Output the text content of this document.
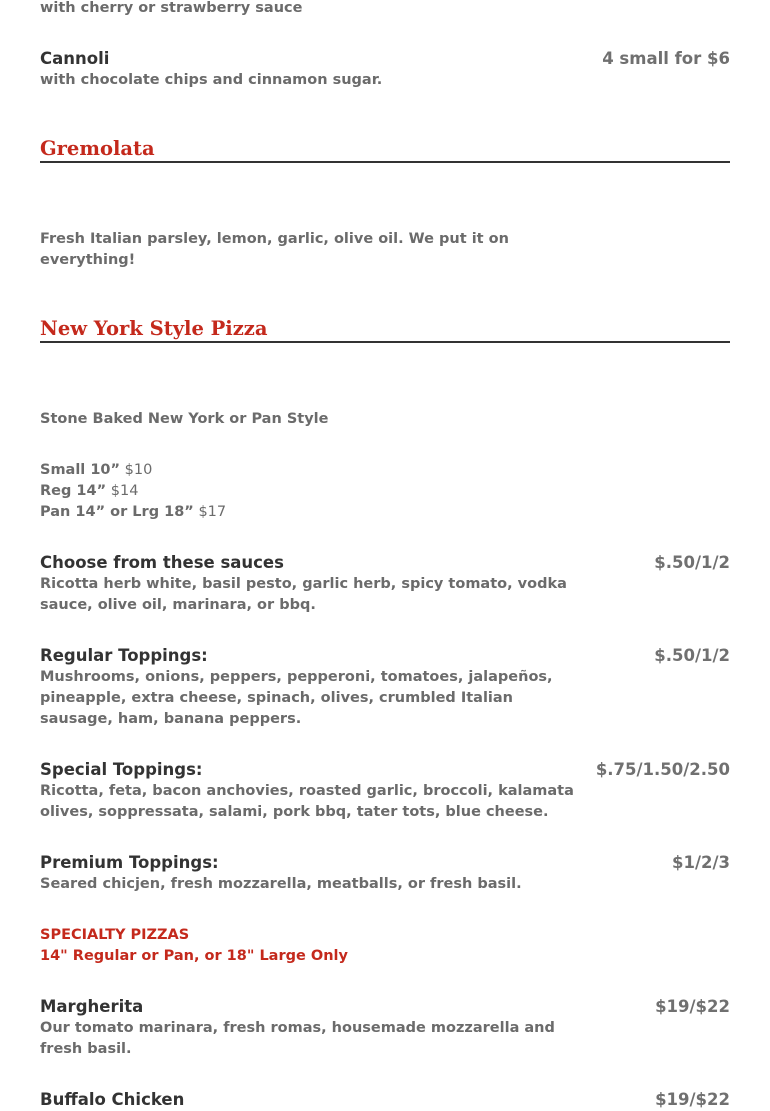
with cherry or strawberry sauce
Cannoli	4 small for $6
with chocolate chips and cinnamon sugar.
Gremolata
Fresh Italian parsley, lemon, garlic, olive oil. We put it on everything!
New York Style Pizza
Stone Baked New York or Pan Style
Small 10” $10
Reg 14” $14
Pan 14” or Lrg 18” $17
Choose from these sauces	$.50/1/2
Ricotta herb white, basil pesto, garlic herb, spicy tomato, vodka sauce, olive oil, marinara, or bbq.
Regular Toppings:	$.50/1/2
Mushrooms, onions, peppers, pepperoni, tomatoes, jalapeños, pineapple, extra cheese, spinach, olives, crumbled Italian sausage, ham, banana peppers.
Special Toppings:	$.75/1.50/2.50
Ricotta, feta, bacon anchovies, roasted garlic, broccoli, kalamata olives, soppressata, salami, pork bbq, tater tots, blue cheese.
Premium Toppings:	$1/2/3
Seared chicjen, fresh mozzarella, meatballs, or fresh basil.
SPECIALTY PIZZAS
14" Regular or Pan, or 18" Large Only
Margherita	$19/$22
Our tomato marinara, fresh romas, housemade mozzarella and fresh basil.
Buffalo Chicken	$19/$22
